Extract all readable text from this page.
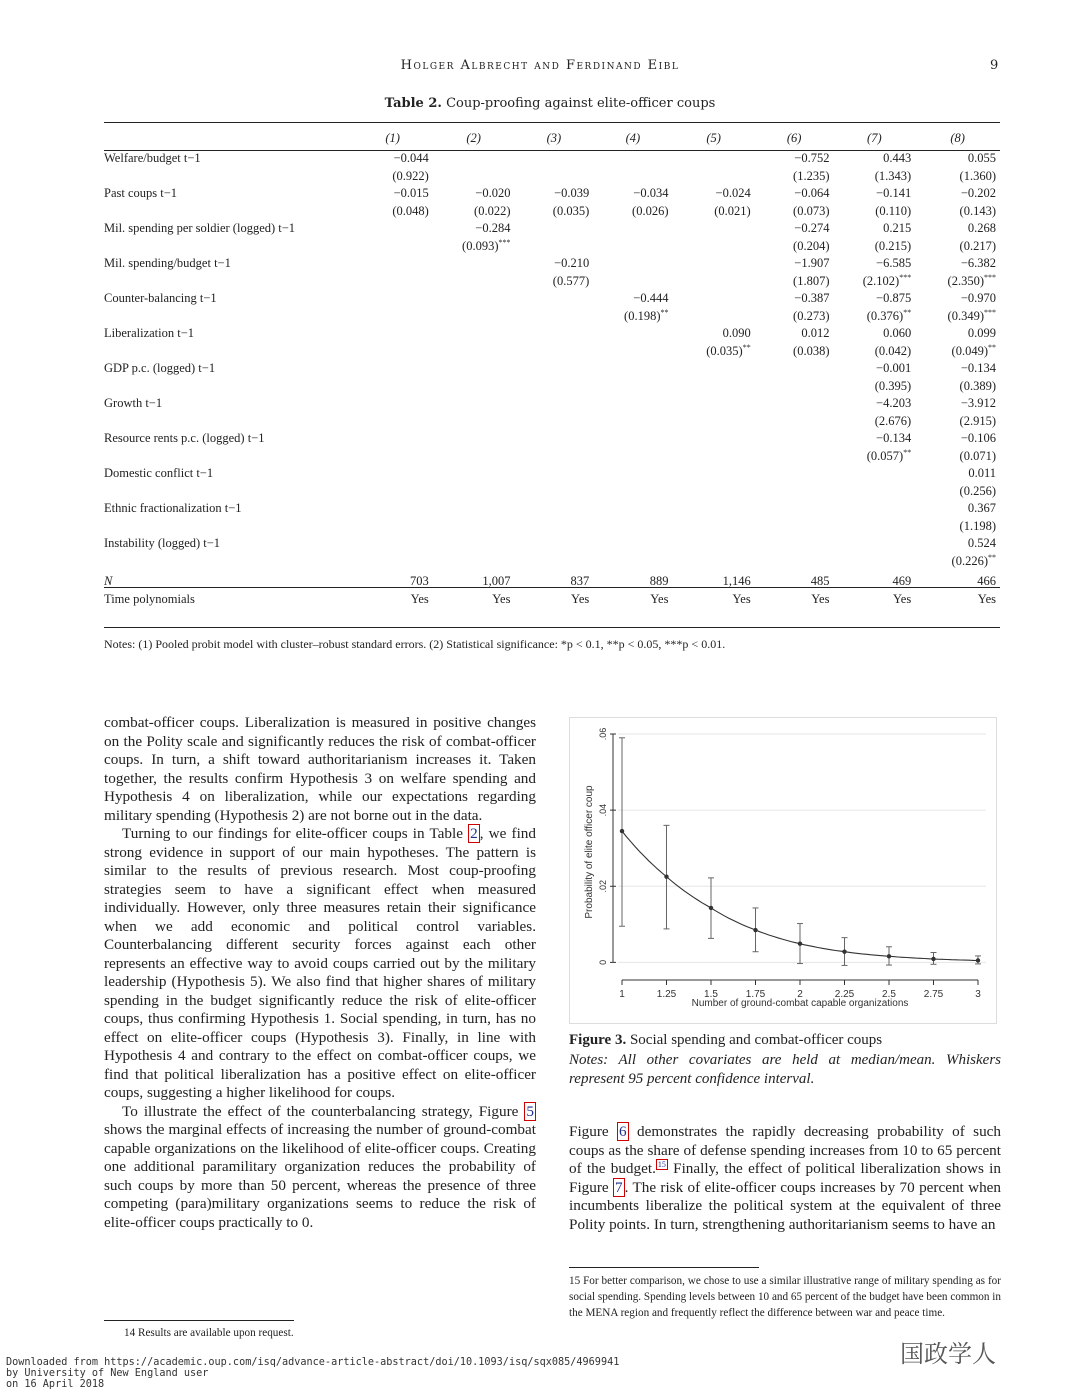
Holger Albrecht and Ferdinand Eibl	9
Table 2. Coup-proofing against elite-officer coups
	(1)	(2)	(3)	(4)	(5)	(6)	(7)	(8)
Welfare/budget t−1	−0.044					−0.752	0.443	0.055
	(0.922)					(1.235)	(1.343)	(1.360)
Past coups t−1	−0.015	−0.020	−0.039	−0.034	−0.024	−0.064	−0.141	−0.202
	(0.048)	(0.022)	(0.035)	(0.026)	(0.021)	(0.073)	(0.110)	(0.143)
Mil. spending per soldier (logged) t−1		−0.284				−0.274	0.215	0.268
		(0.093)***				(0.204)	(0.215)	(0.217)
Mil. spending/budget t−1			−0.210			−1.907	−6.585	−6.382
			(0.577)			(1.807)	(2.102)***	(2.350)***
Counter-balancing t−1				−0.444		−0.387	−0.875	−0.970
				(0.198)**		(0.273)	(0.376)**	(0.349)***
Liberalization t−1					0.090	0.012	0.060	0.099
					(0.035)**	(0.038)	(0.042)	(0.049)**
GDP p.c. (logged) t−1							−0.001	−0.134
							(0.395)	(0.389)
Growth t−1							−4.203	−3.912
							(2.676)	(2.915)
Resource rents p.c. (logged) t−1							−0.134	−0.106
							(0.057)**	(0.071)
Domestic conflict t−1								0.011
								(0.256)
Ethnic fractionalization t−1								0.367
								(1.198)
Instability (logged) t−1								0.524
								(0.226)**
N	703	1,007	837	889	1,146	485	469	466
Time polynomials	Yes	Yes	Yes	Yes	Yes	Yes	Yes	Yes
Notes: (1) Pooled probit model with cluster–robust standard errors. (2) Statistical significance: *p < 0.1, **p < 0.05, ***p < 0.01.

combat-officer coups. Liberalization is measured in positive changes on the Polity scale and significantly reduces the risk of combat-officer coups. In turn, a shift toward authoritarianism increases it. Taken together, the results confirm Hypothesis 3 on welfare spending and Hypothesis 4 on liberalization, while our expectations regarding military spending (Hypothesis 2) are not borne out in the data.

Turning to our findings for elite-officer coups in Table 2 , we find strong evidence in support of our main hypotheses. The pattern is similar to the results of previous research. Most coup-proofing strategies seem to have a significant effect when measured individually. However, only three measures retain their significance when we add economic and political control variables. Counterbalancing different security forces against each other represents an effective way to avoid coups carried out by the military leadership (Hypothesis 5). We also find that higher shares of military spending in the budget significantly reduce the risk of elite-officer coups, thus confirming Hypothesis 1. Social spending, in turn, has no effect on elite-officer coups (Hypothesis 3). Finally, in line with Hypothesis 4 and contrary to the effect on combat-officer coups, we find that political liberalization has a positive effect on elite-officer coups, suggesting a higher likelihood for coups.

To illustrate the effect of the counterbalancing strategy, Figure 5 shows the marginal effects of increasing the number of ground-combat capable organizations on the likelihood of elite-officer coups. Creating one additional paramilitary organization reduces the probability of such coups by more than 50 percent, whereas the presence of three competing (para)military organizations seems to reduce the risk of elite-officer coups practically to 0.

14 Results are available upon request.
0
.02
.04
.06
1	1.25	1.5	1.75	2	2.25	2.5	2.75	3
Number of ground-combat capable organizations
Probability of elite officer coup
Figure 3. Social spending and combat-officer coups
Notes: All other covariates are held at median/mean. Whiskers represent 95 percent confidence interval.

Figure 6 demonstrates the rapidly decreasing probability of such coups as the share of defense spending increases from 10 to 65 percent of the budget. $^{15}$ Finally, the effect of political liberalization shows in Figure 7 . The risk of elite-officer coups increases by 70 percent when incumbents liberalize the political system at the equivalent of three Polity points. In turn, strengthening authoritarianism seems to have an

15 For better comparison, we chose to use a similar illustrative range of military spending as for social spending. Spending levels between 10 and 65 percent of the budget have been common in the MENA region and frequently reflect the difference between war and peace time.
Downloaded from https://academic.oup.com/isq/advance-article-abstract/doi/10.1093/isq/sqx085/4969941
by University of New England user
on 16 April 2018
国政学人
